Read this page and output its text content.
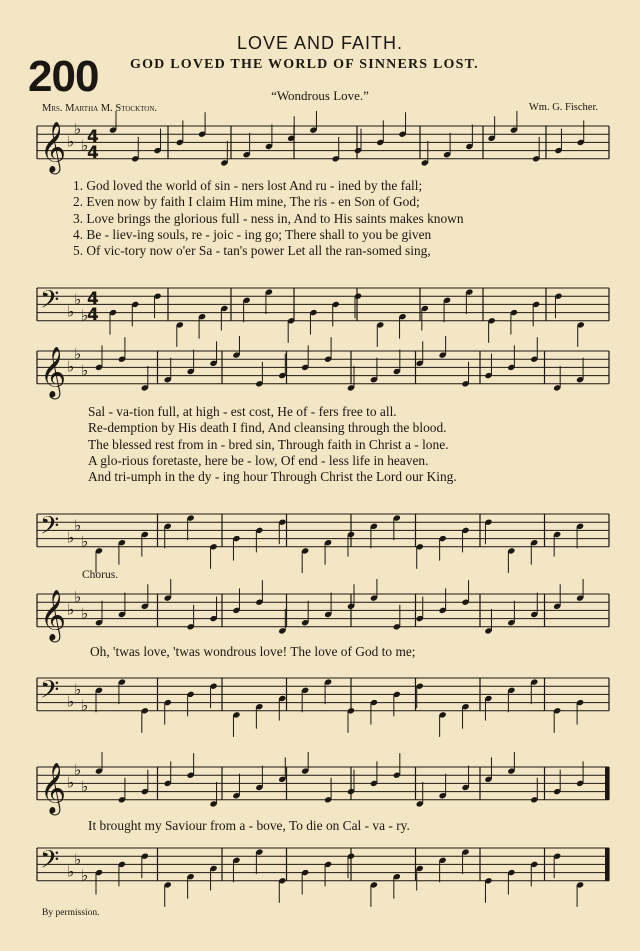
200
LOVE AND FAITH.
GOD LOVED THE WORLD OF SINNERS LOST.
“Wondrous Love.”
Mrs. Martha M. Stockton.	Wm. G. Fischer.
𝄞 ♭
♭
♭
4
4
𝄢 ♭
♭
♭
4
4
1. God loved the world of sin - ners lost And ru - ined by the fall;
2. Even now by faith I claim Him mine, The ris - en Son of God;
3. Love brings the glorious full - ness in, And to His saints makes known
4. Be - liev-ing souls, re - joic - ing go; There shall to you be given
5. Of vic-tory now o'er Sa - tan's power Let all the ran-somed sing,
𝄞 ♭
♭
♭
𝄢 ♭
♭
♭
Sal - va-tion full, at high - est cost, He of - fers free to all.
Re-demption by His death I find, And cleansing through the blood.
The blessed rest from in - bred sin, Through faith in Christ a - lone.
A glo-rious foretaste, here be - low, Of end - less life in heaven.
And tri-umph in the dy - ing hour Through Christ the Lord our King.
Chorus.
𝄞 ♭
♭
♭
𝄢 ♭
♭
♭
Oh, 'twas love, 'twas wondrous love! The love of God to me;
𝄞 ♭
♭
♭
𝄢 ♭
♭
♭
It brought my Saviour from a - bove, To die on Cal - va - ry.
By permission.
